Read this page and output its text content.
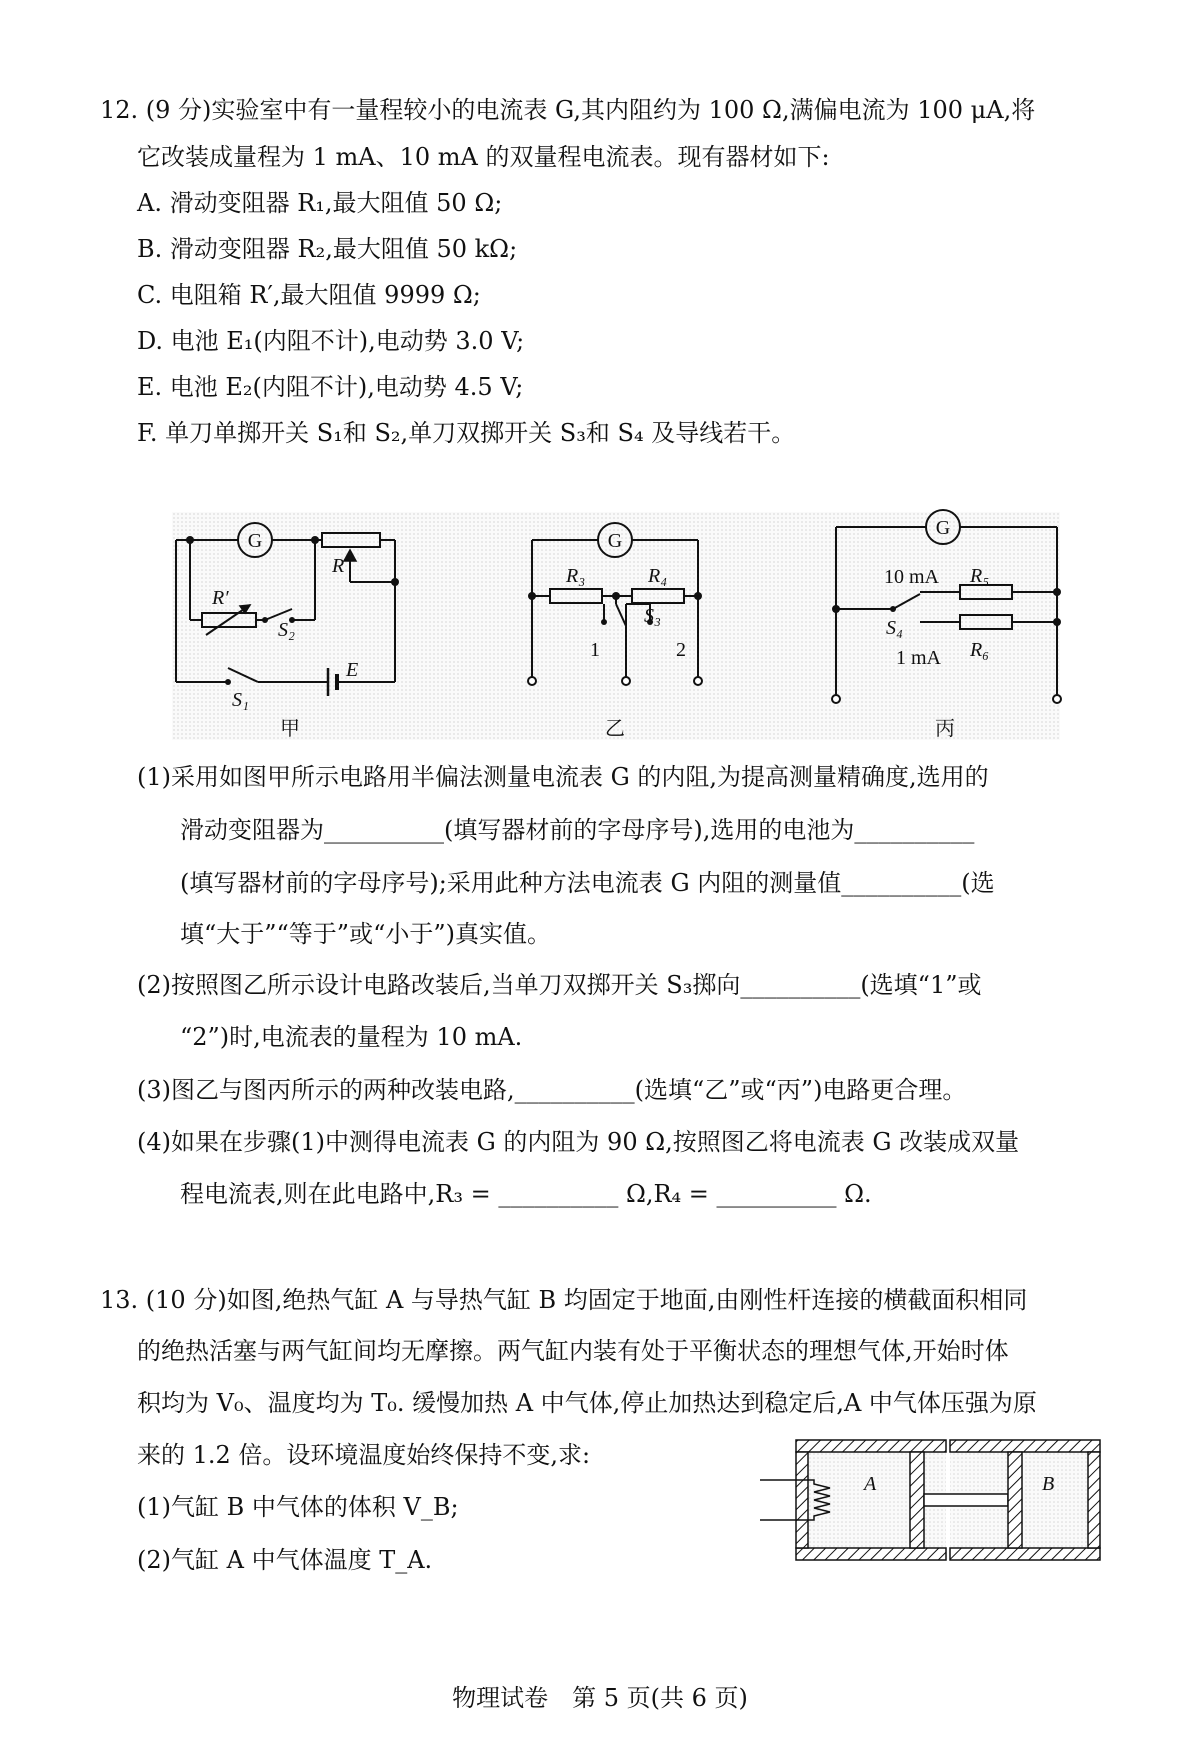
12. (9 分)实验室中有一量程较小的电流表 G,其内阻约为 100 Ω,满偏电流为 100 μA,将
它改装成量程为 1 mA、10 mA 的双量程电流表。现有器材如下:
A. 滑动变阻器 R₁,最大阻值 50 Ω;
B. 滑动变阻器 R₂,最大阻值 50 kΩ;
C. 电阻箱 R′,最大阻值 9999 Ω;
D. 电池 E₁(内阻不计),电动势 3.0 V;
E. 电池 E₂(内阻不计),电动势 4.5 V;
F. 单刀单掷开关 S₁和 S₂,单刀双掷开关 S₃和 S₄ 及导线若干。
G
R′
R
S₂
S₁
E
甲
G
R₃	R₄
S₃
1	2
乙
G
10 mA R₅
S₄
1 mA R₆
丙
(1)采用如图甲所示电路用半偏法测量电流表 G 的内阻,为提高测量精确度,选用的
滑动变阻器为__________(填写器材前的字母序号),选用的电池为__________
(填写器材前的字母序号);采用此种方法电流表 G 内阻的测量值__________(选
填“大于”“等于”或“小于”)真实值。
(2)按照图乙所示设计电路改装后,当单刀双掷开关 S₃掷向__________(选填“1”或
“2”)时,电流表的量程为 10 mA.
(3)图乙与图丙所示的两种改装电路,__________(选填“乙”或“丙”)电路更合理。
(4)如果在步骤(1)中测得电流表 G 的内阻为 90 Ω,按照图乙将电流表 G 改装成双量
程电流表,则在此电路中,R₃ = __________ Ω,R₄ = __________ Ω.
13. (10 分)如图,绝热气缸 A 与导热气缸 B 均固定于地面,由刚性杆连接的横截面积相同
的绝热活塞与两气缸间均无摩擦。两气缸内装有处于平衡状态的理想气体,开始时体
积均为 V₀、温度均为 T₀. 缓慢加热 A 中气体,停止加热达到稳定后,A 中气体压强为原
来的 1.2 倍。设环境温度始终保持不变,求:
(1)气缸 B 中气体的体积 V_B;
(2)气缸 A 中气体温度 T_A.
A	B
物理试卷　第 5 页(共 6 页)
